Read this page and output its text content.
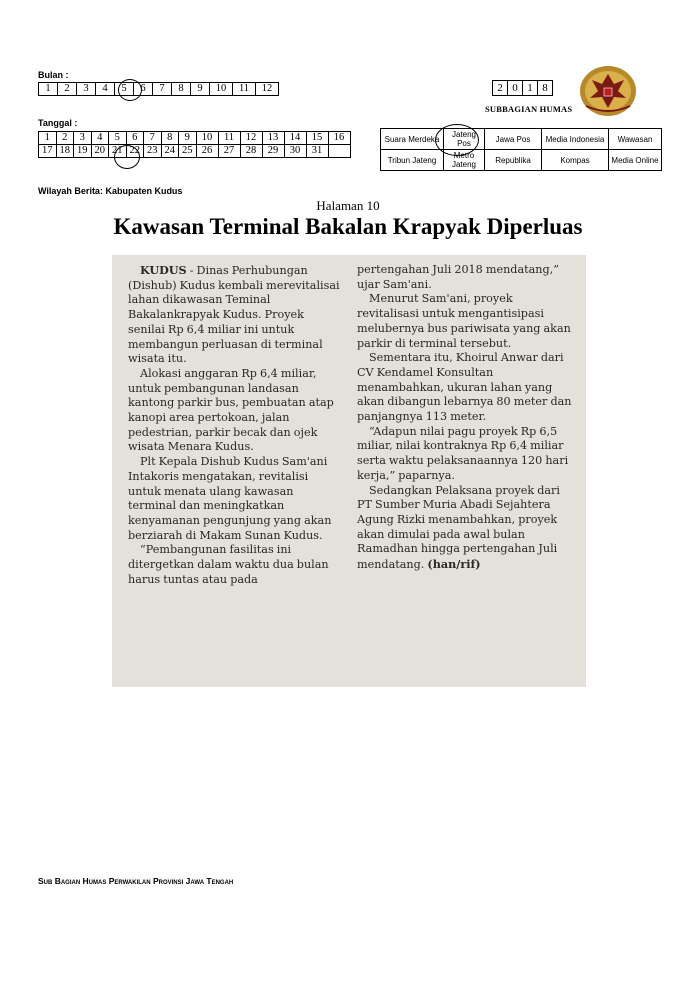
Bulan :
1	2	3	4	5	6	7	8	9	10	11	12
Tanggal :
1	2	3	4	5	6	7	8	9	10	11	12	13	14	15	16
17	18	19	20	21	22	23	24	25	26	27	28	29	30	31	
2	0	1	8
SUBBAGIAN HUMAS
Suara Merdeka	Jateng Pos	Jawa Pos	Media Indonesia	Wawasan
Tribun Jateng	Metro Jateng	Republika	Kompas	Media Online
Wilayah Berita: Kabupaten Kudus
Halaman 10
Kawasan Terminal Bakalan Krapyak Diperluas

KUDUS - Dinas Perhubungan (Dishub) Kudus kembali merevitalisai lahan dikawasan Teminal Bakalankrapyak Kudus. Proyek senilai Rp 6,4 miliar ini untuk membangun perluasan di terminal wisata itu.

Alokasi anggaran Rp 6,4 miliar, untuk pembangunan landasan kantong parkir bus, pembuatan atap kanopi area pertokoan, jalan pedestrian, parkir becak dan ojek wisata Menara Kudus.

Plt Kepala Dishub Kudus Sam'ani Intakoris mengatakan, revitalisi untuk menata ulang kawasan terminal dan meningkatkan kenyamanan pengunjung yang akan berziarah di Makam Sunan Kudus.

“Pembangunan fasilitas ini ditergetkan dalam waktu dua bulan harus tuntas atau pada

pertengahan Juli 2018 mendatang,” ujar Sam'ani.

Menurut Sam'ani, proyek revitalisasi untuk mengantisipasi melubernya bus pariwisata yang akan parkir di terminal tersebut.

Sementara itu, Khoirul Anwar dari CV Kendamel Konsultan menambahkan, ukuran lahan yang akan dibangun lebarnya 80 meter dan panjangnya 113 meter.

“Adapun nilai pagu proyek Rp 6,5 miliar, nilai kontraknya Rp 6,4 miliar serta waktu pelaksanaannya 120 hari kerja,” paparnya.

Sedangkan Pelaksana proyek dari PT Sumber Muria Abadi Sejahtera Agung Rizki menambahkan, proyek akan dimulai pada awal bulan Ramadhan hingga pertengahan Juli mendatang. (han/rif)

Sub Bagian Humas Perwakilan Provinsi Jawa Tengah
